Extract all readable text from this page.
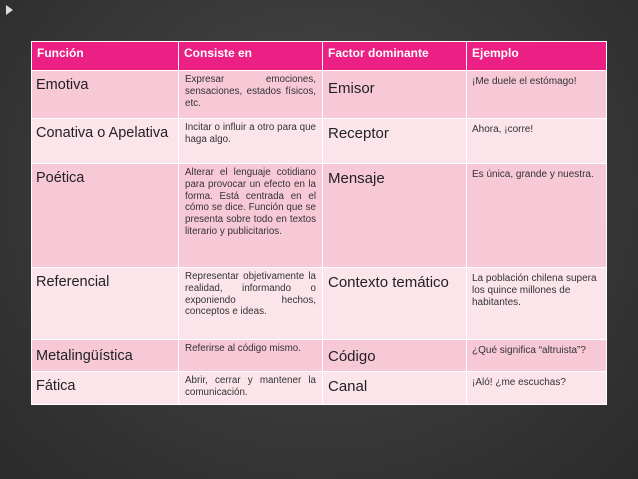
Función	Consiste en	Factor dominante	Ejemplo
Emotiva	Expresar emociones, sensaciones, estados físicos, etc.	Emisor	¡Me duele el estómago!
Conativa o Apelativa	Incitar o influir a otro para que haga algo.	Receptor	Ahora, ¡corre!
Poética	Alterar el lenguaje cotidiano para provocar un efecto en la forma. Está centrada en el cómo se dice. Función que se presenta sobre todo en textos literario y publicitarios.	Mensaje	Es única, grande y nuestra.
Referencial	Representar objetivamente la realidad, informando o exponiendo hechos, conceptos e ideas.	Contexto temático	La población chilena supera los quince millones de habitantes.
Metalingüística	Referirse al código mismo.	Código	¿Qué significa “altruista”?
Fática	Abrir, cerrar y mantener la comunicación.	Canal	¡Aló! ¿me escuchas?
